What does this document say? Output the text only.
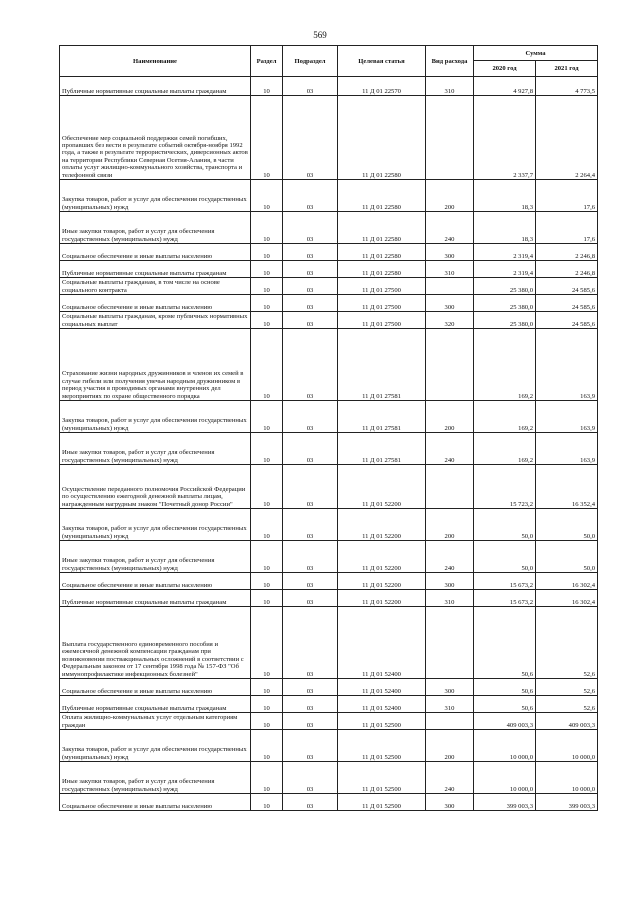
569
Наименование	Раздел	Подраздел	Целевая статья	Вид расхода	Сумма	
					2020 год	2021 год
Публичные нормативные социальные выплаты гражданам	10	03	11 Д 01 22570	310	4 927,8	4 773,5
Обеспечение мер социальной поддержки семей погибших, пропавших без вести в результате событий октября-ноября 1992 года, а также в результате террористических, диверсионных актов на территории Республики Северная Осетия-Алания, в части оплаты услуг жилищно-коммунального хозяйства, транспорта и телефонной связи	10	03	11 Д 01 22580		2 337,7	2 264,4
Закупка товаров, работ и услуг для обеспечения государственных (муниципальных) нужд	10	03	11 Д 01 22580	200	18,3	17,6
Иные закупки товаров, работ и услуг для обеспечения государственных (муниципальных) нужд	10	03	11 Д 01 22580	240	18,3	17,6
Социальное обеспечение и иные выплаты населению	10	03	11 Д 01 22580	300	2 319,4	2 246,8
Публичные нормативные социальные выплаты гражданам	10	03	11 Д 01 22580	310	2 319,4	2 246,8
Социальные выплаты гражданам, в том числе на основе социального контракта	10	03	11 Д 01 27500		25 380,0	24 585,6
Социальное обеспечение и иные выплаты населению	10	03	11 Д 01 27500	300	25 380,0	24 585,6
Социальные выплаты гражданам, кроме публичных нормативных социальных выплат	10	03	11 Д 01 27500	320	25 380,0	24 585,6
Страхование жизни народных дружинников и членов их семей в случае гибели или получения увечья народным дружинником в период участия в проводимых органами внутренних дел мероприятиях по охране общественного порядка	10	03	11 Д 01 27581		169,2	163,9
Закупка товаров, работ и услуг для обеспечения государственных (муниципальных) нужд	10	03	11 Д 01 27581	200	169,2	163,9
Иные закупки товаров, работ и услуг для обеспечения государственных (муниципальных) нужд	10	03	11 Д 01 27581	240	169,2	163,9
Осуществление переданного полномочия Российской Федерации по осуществлению ежегодной денежной выплаты лицам, награжденным нагрудным знаком "Почетный донор России"	10	03	11 Д 01 52200		15 723,2	16 352,4
Закупка товаров, работ и услуг для обеспечения государственных (муниципальных) нужд	10	03	11 Д 01 52200	200	50,0	50,0
Иные закупки товаров, работ и услуг для обеспечения государственных (муниципальных) нужд	10	03	11 Д 01 52200	240	50,0	50,0
Социальное обеспечение и иные выплаты населению	10	03	11 Д 01 52200	300	15 673,2	16 302,4
Публичные нормативные социальные выплаты гражданам	10	03	11 Д 01 52200	310	15 673,2	16 302,4
Выплата государственного единовременного пособия и ежемесячной денежной компенсации гражданам при возникновении поствакцинальных осложнений в соответствии с Федеральным законом от 17 сентября 1998 года № 157-ФЗ "Об иммунопрофилактике инфекционных болезней"	10	03	11 Д 01 52400		50,6	52,6
Социальное обеспечение и иные выплаты населению	10	03	11 Д 01 52400	300	50,6	52,6
Публичные нормативные социальные выплаты гражданам	10	03	11 Д 01 52400	310	50,6	52,6
Оплата жилищно-коммунальных услуг отдельным категориям граждан	10	03	11 Д 01 52500		409 003,3	409 003,3
Закупка товаров, работ и услуг для обеспечения государственных (муниципальных) нужд	10	03	11 Д 01 52500	200	10 000,0	10 000,0
Иные закупки товаров, работ и услуг для обеспечения государственных (муниципальных) нужд	10	03	11 Д 01 52500	240	10 000,0	10 000,0
Социальное обеспечение и иные выплаты населению	10	03	11 Д 01 52500	300	399 003,3	399 003,3
